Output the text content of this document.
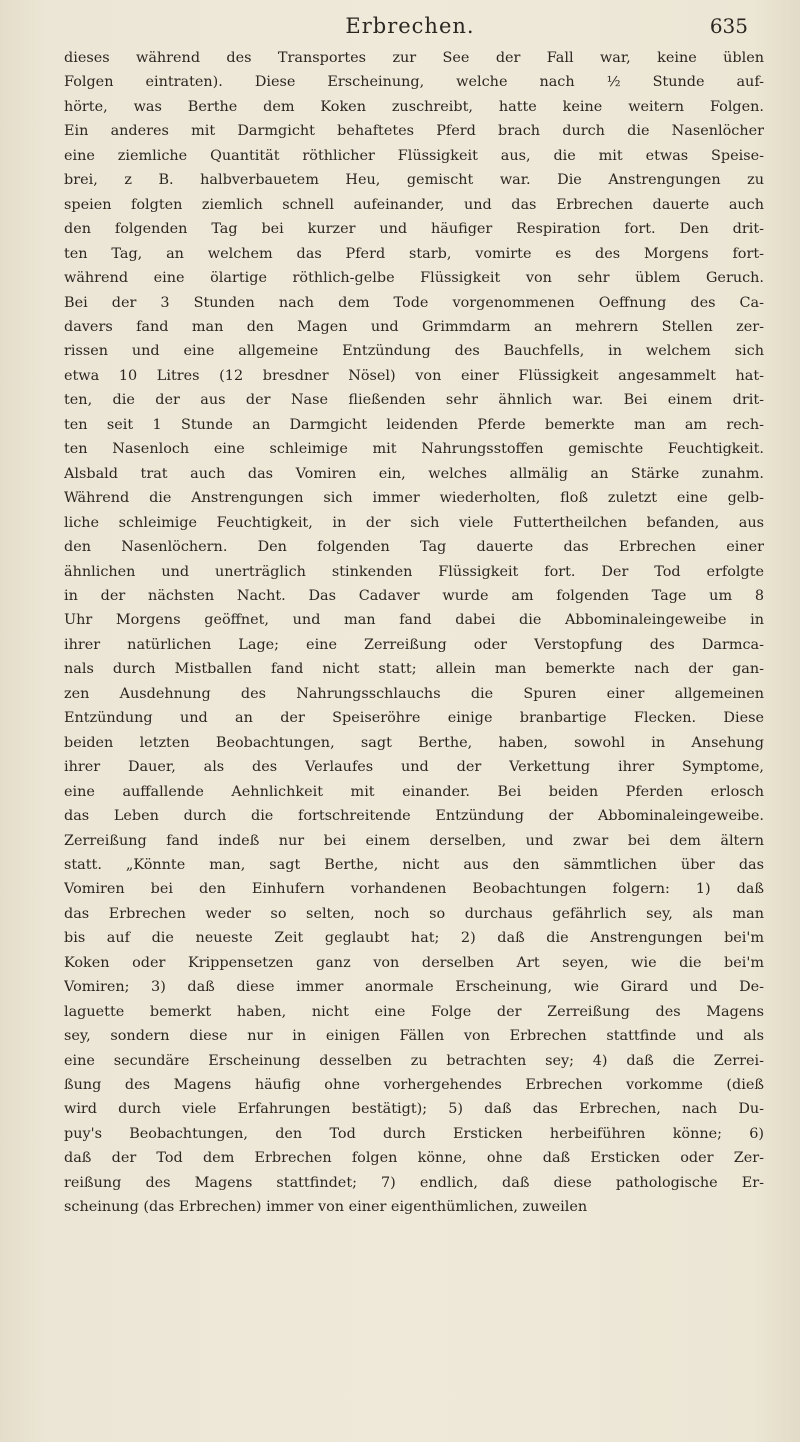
Erbrechen.	635
dieses während des Transportes zur See der Fall war, keine üblen
Folgen eintraten). Diese Erscheinung, welche nach ½ Stunde auf-
hörte, was Berthe dem Koken zuschreibt, hatte keine weitern Folgen.
Ein anderes mit Darmgicht behaftetes Pferd brach durch die Nasenlöcher
eine ziemliche Quantität röthlicher Flüssigkeit aus, die mit etwas Speise-
brei, z B. halbverbauetem Heu, gemischt war. Die Anstrengungen zu
speien folgten ziemlich schnell aufeinander, und das Erbrechen dauerte auch
den folgenden Tag bei kurzer und häufiger Respiration fort. Den drit-
ten Tag, an welchem das Pferd starb, vomirte es des Morgens fort-
während eine ölartige röthlich-gelbe Flüssigkeit von sehr üblem Geruch.
Bei der 3 Stunden nach dem Tode vorgenommenen Oeffnung des Ca-
davers fand man den Magen und Grimmdarm an mehrern Stellen zer-
rissen und eine allgemeine Entzündung des Bauchfells, in welchem sich
etwa 10 Litres (12 bresdner Nösel) von einer Flüssigkeit angesammelt hat-
ten, die der aus der Nase fließenden sehr ähnlich war. Bei einem drit-
ten seit 1 Stunde an Darmgicht leidenden Pferde bemerkte man am rech-
ten Nasenloch eine schleimige mit Nahrungsstoffen gemischte Feuchtigkeit.
Alsbald trat auch das Vomiren ein, welches allmälig an Stärke zunahm.
Während die Anstrengungen sich immer wiederholten, floß zuletzt eine gelb-
liche schleimige Feuchtigkeit, in der sich viele Futtertheilchen befanden, aus
den Nasenlöchern. Den folgenden Tag dauerte das Erbrechen einer
ähnlichen und unerträglich stinkenden Flüssigkeit fort. Der Tod erfolgte
in der nächsten Nacht. Das Cadaver wurde am folgenden Tage um 8
Uhr Morgens geöffnet, und man fand dabei die Abbominaleingeweibe in
ihrer natürlichen Lage; eine Zerreißung oder Verstopfung des Darmca-
nals durch Mistballen fand nicht statt; allein man bemerkte nach der gan-
zen Ausdehnung des Nahrungsschlauchs die Spuren einer allgemeinen
Entzündung und an der Speiseröhre einige branbartige Flecken. Diese
beiden letzten Beobachtungen, sagt Berthe, haben, sowohl in Ansehung
ihrer Dauer, als des Verlaufes und der Verkettung ihrer Symptome,
eine auffallende Aehnlichkeit mit einander. Bei beiden Pferden erlosch
das Leben durch die fortschreitende Entzündung der Abbominaleingeweibe.
Zerreißung fand indeß nur bei einem derselben, und zwar bei dem ältern
statt. „Könnte man, sagt Berthe, nicht aus den sämmtlichen über das
Vomiren bei den Einhufern vorhandenen Beobachtungen folgern: 1) daß
das Erbrechen weder so selten, noch so durchaus gefährlich sey, als man
bis auf die neueste Zeit geglaubt hat; 2) daß die Anstrengungen bei'm
Koken oder Krippensetzen ganz von derselben Art seyen, wie die bei'm
Vomiren; 3) daß diese immer anormale Erscheinung, wie Girard und De-
laguette bemerkt haben, nicht eine Folge der Zerreißung des Magens
sey, sondern diese nur in einigen Fällen von Erbrechen stattfinde und als
eine secundäre Erscheinung desselben zu betrachten sey; 4) daß die Zerrei-
ßung des Magens häufig ohne vorhergehendes Erbrechen vorkomme (dieß
wird durch viele Erfahrungen bestätigt); 5) daß das Erbrechen, nach Du-
puy's Beobachtungen, den Tod durch Ersticken herbeiführen könne; 6)
daß der Tod dem Erbrechen folgen könne, ohne daß Ersticken oder Zer-
reißung des Magens stattfindet; 7) endlich, daß diese pathologische Er-
scheinung (das Erbrechen) immer von einer eigenthümlichen, zuweilen
